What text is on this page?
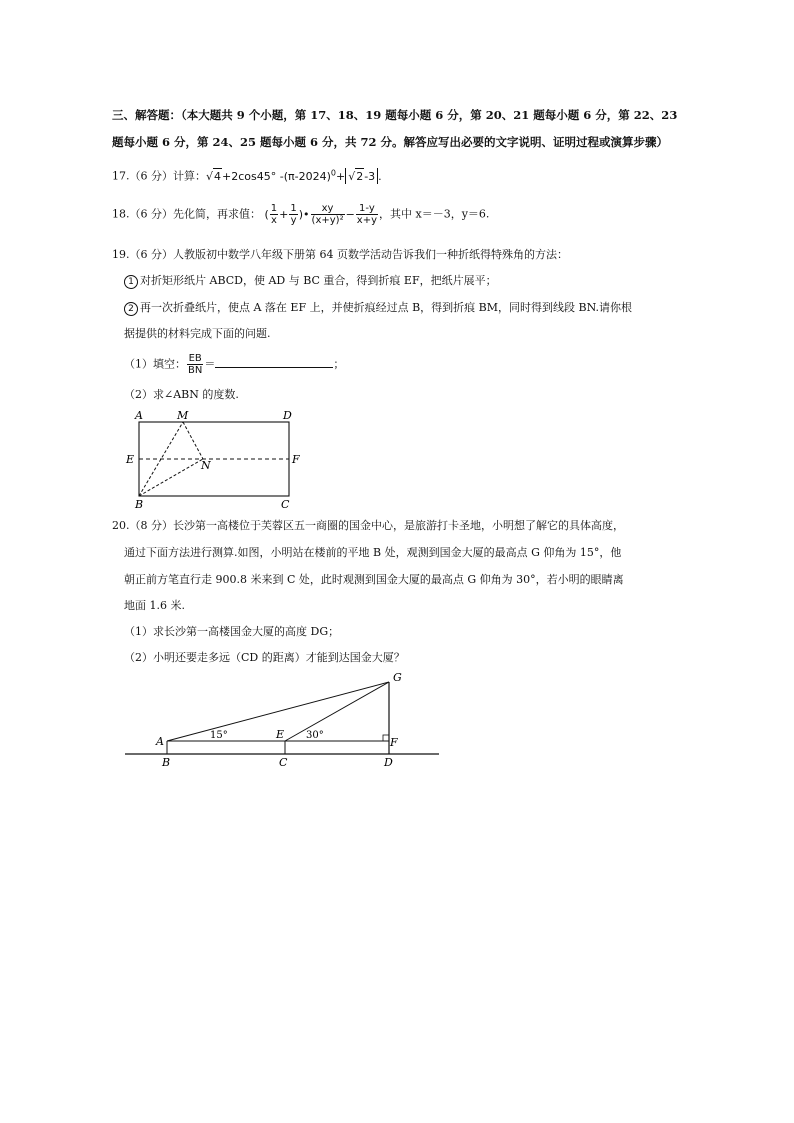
三、解答题：（本大题共 9 个小题，第 17、18、19 题每小题 6 分，第 20、21 题每小题 6 分，第 22、23
题每小题 6 分，第 24、25 题每小题 6 分，共 72 分。解答应写出必要的文字说明、证明过程或演算步骤）
17.（6 分）计算：√4+2cos45° $-(\pi-2024)^0+ √2-3$ .
18.（6 分）先化简，再求值： ( $\frac{1}{x} + \frac{1}{y}$ )• $\frac{xy}{\text{(x+y)²}} - \frac{1-y}{x+y}$ ，其中 x＝－3，y＝6.
19.（6 分）人教版初中数学八年级下册第 64 页数学活动告诉我们一种折纸得特殊角的方法：
1 对折矩形纸片 ABCD，使 AD 与 BC 重合，得到折痕 EF，把纸片展平；
2 再一次折叠纸片，使点 A 落在 EF 上，并使折痕经过点 B，得到折痕 BM，同时得到线段 BN.请你根
据提供的材料完成下面的问题.
（1）填空： $\frac{EB}{BN}$ ＝	；
（2）求∠ABN 的度数.
A	M	D
E	N	F
B	C
20.（8 分）长沙第一高楼位于芙蓉区五一商圈的国金中心，是旅游打卡圣地，小明想了解它的具体高度，
通过下面方法进行测算.如图，小明站在楼前的平地 B 处，观测到国金大厦的最高点 G 仰角为 15°，他
朝正前方笔直行走 900.8 米来到 C 处，此时观测到国金大厦的最高点 G 仰角为 30°，若小明的眼睛离
地面 1.6 米.
（1）求长沙第一高楼国金大厦的高度 DG；
（2）小明还要走多远（CD 的距离）才能到达国金大厦？
G
A
E
F
B	C	D
15°	30°
